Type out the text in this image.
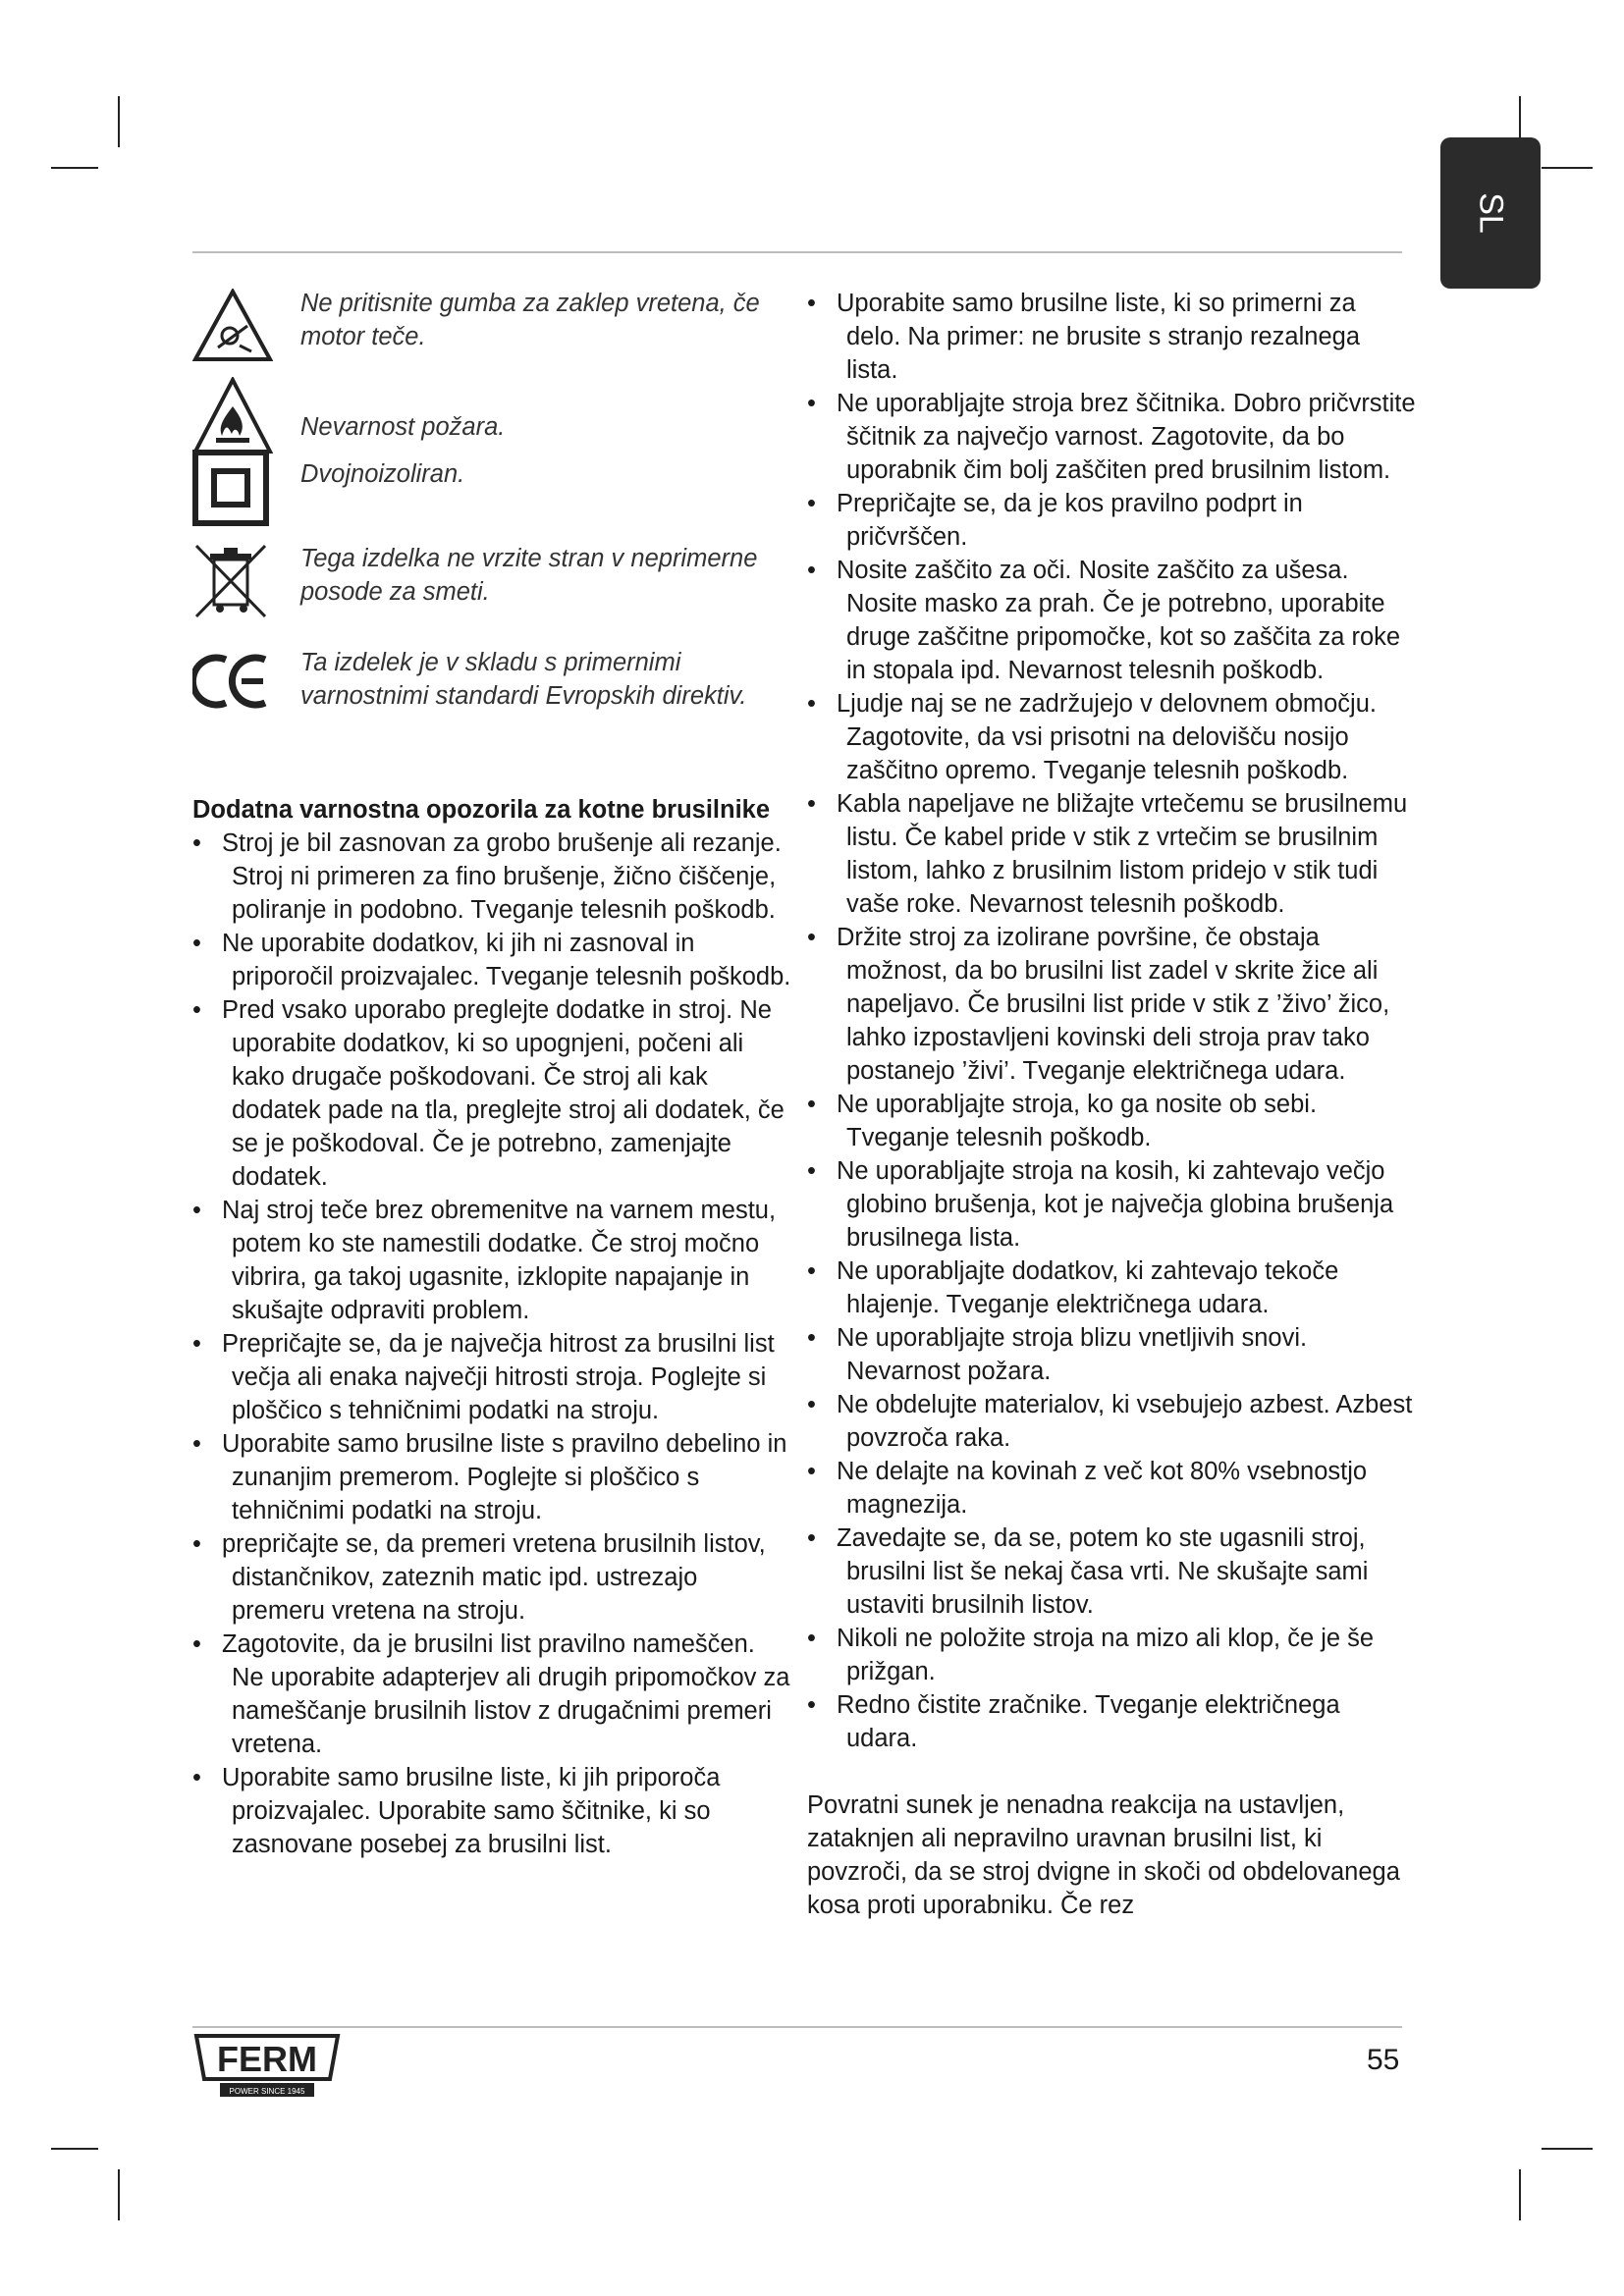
SL
Ne pritisnite gumba za zaklep vretena, če motor teče.
Nevarnost požara.
Dvojnoizoliran.
Tega izdelka ne vrzite stran v neprimerne posode za smeti.
Ta izdelek je v skladu s primernimi varnostnimi standardi Evropskih direktiv.

Dodatna varnostna opozorila za kotne brusilnike

• Stroj je bil zasnovan za grobo brušenje ali rezanje. Stroj ni primeren za fino brušenje, žično čiščenje, poliranje in podobno. Tveganje telesnih poškodb.
• Ne uporabite dodatkov, ki jih ni zasnoval in priporočil proizvajalec. Tveganje telesnih poškodb.
• Pred vsako uporabo preglejte dodatke in stroj. Ne uporabite dodatkov, ki so upognjeni, počeni ali kako drugače poškodovani. Če stroj ali kak dodatek pade na tla, preglejte stroj ali dodatek, če se je poškodoval. Če je potrebno, zamenjajte dodatek.
• Naj stroj teče brez obremenitve na varnem mestu, potem ko ste namestili dodatke. Če stroj močno vibrira, ga takoj ugasnite, izklopite napajanje in skušajte odpraviti problem.
• Prepričajte se, da je največja hitrost za brusilni list večja ali enaka največji hitrosti stroja. Poglejte si ploščico s tehničnimi podatki na stroju.
• Uporabite samo brusilne liste s pravilno debelino in zunanjim premerom. Poglejte si ploščico s tehničnimi podatki na stroju.
• prepričajte se, da premeri vretena brusilnih listov, distančnikov, zateznih matic ipd. ustrezajo premeru vretena na stroju.
• Zagotovite, da je brusilni list pravilno nameščen. Ne uporabite adapterjev ali drugih pripomočkov za nameščanje brusilnih listov z drugačnimi premeri vretena.
• Uporabite samo brusilne liste, ki jih priporoča proizvajalec. Uporabite samo ščitnike, ki so zasnovane posebej za brusilni list.
• Uporabite samo brusilne liste, ki so primerni za delo. Na primer: ne brusite s stranjo rezalnega lista.
• Ne uporabljajte stroja brez ščitnika. Dobro pričvrstite ščitnik za največjo varnost. Zagotovite, da bo uporabnik čim bolj zaščiten pred brusilnim listom.
• Prepričajte se, da je kos pravilno podprt in pričvrščen.
• Nosite zaščito za oči. Nosite zaščito za ušesa. Nosite masko za prah. Če je potrebno, uporabite druge zaščitne pripomočke, kot so zaščita za roke in stopala ipd. Nevarnost telesnih poškodb.
• Ljudje naj se ne zadržujejo v delovnem območju. Zagotovite, da vsi prisotni na delovišču nosijo zaščitno opremo. Tveganje telesnih poškodb.
• Kabla napeljave ne bližajte vrtečemu se brusilnemu listu. Če kabel pride v stik z vrtečim se brusilnim listom, lahko z brusilnim listom pridejo v stik tudi vaše roke. Nevarnost telesnih poškodb.
• Držite stroj za izolirane površine, če obstaja možnost, da bo brusilni list zadel v skrite žice ali napeljavo. Če brusilni list pride v stik z ’živo’ žico, lahko izpostavljeni kovinski deli stroja prav tako postanejo ’živi’. Tveganje električnega udara.
• Ne uporabljajte stroja, ko ga nosite ob sebi. Tveganje telesnih poškodb.
• Ne uporabljajte stroja na kosih, ki zahtevajo večjo globino brušenja, kot je največja globina brušenja brusilnega lista.
• Ne uporabljajte dodatkov, ki zahtevajo tekoče hlajenje. Tveganje električnega udara.
• Ne uporabljajte stroja blizu vnetljivih snovi. Nevarnost požara.
• Ne obdelujte materialov, ki vsebujejo azbest. Azbest povzroča raka.
• Ne delajte na kovinah z več kot 80% vsebnostjo magnezija.
• Zavedajte se, da se, potem ko ste ugasnili stroj, brusilni list še nekaj časa vrti. Ne skušajte sami ustaviti brusilnih listov.
• Nikoli ne položite stroja na mizo ali klop, če je še prižgan.
• Redno čistite zračnike. Tveganje električnega udara.

Povratni sunek je nenadna reakcija na ustavljen, zataknjen ali nepravilno uravnan brusilni list, ki povzroči, da se stroj dvigne in skoči od obdelovanega kosa proti uporabniku. Če rez

FERM
POWER SINCE 1945
55
